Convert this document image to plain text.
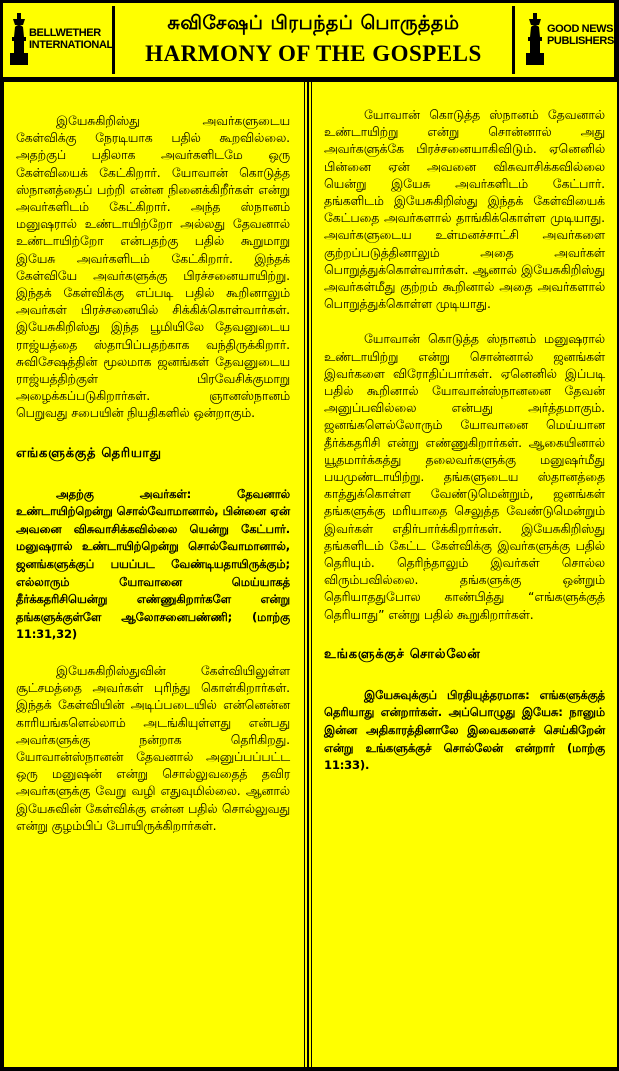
BELLWETHER
INTERNATIONAL
சுவிசேஷப் பிரபந்தப் பொருத்தம்
HARMONY OF THE GOSPELS
GOOD NEWS
PUBLISHERS

இயேசுகிறிஸ்து அவர்களுடைய கேள்விக்கு நேரடியாக பதில் கூறவில்லை. அதற்குப் பதிலாக அவர்களிடமே ஒரு கேள்வியைக் கேட்கிறார். யோவான் கொடுத்த ஸ்நானத்தைப் பற்றி என்ன நினைக்கிறீர்கள் என்று அவர்களிடம் கேட்கிறார். அந்த ஸ்நானம் மனுஷரால் உண்டாயிற்றோ அல்லது தேவனால் உண்டாயிற்றோ என்பதற்கு பதில் கூறுமாறு இயேசு அவர்களிடம் கேட்கிறார். இந்தக் கேள்வியே அவர்களுக்கு பிரச்சனையாயிற்று. இந்தக் கேள்விக்கு எப்படி பதில் கூறினாலும் அவர்கள் பிரச்சனையில் சிக்கிக்கொள்வார்கள். இயேசுகிறிஸ்து இந்த பூமியிலே தேவனுடைய ராஜ்யத்தை ஸ்தாபிப்பதற்காக வந்திருக்கிறார். சுவிசேஷத்தின் மூலமாக ஜனங்கள் தேவனுடைய ராஜ்யத்திற்குள் பிரவேசிக்குமாறு அழைக்கப்படுகிறார்கள். ஞானஸ்நானம் பெறுவது சபையின் நியதிகளில் ஒன்றாகும்.

எங்களுக்குத் தெரியாது

அதற்கு அவர்கள்: தேவனால் உண்டாயிற்றென்று சொல்வோமானால், பின்னை ஏன் அவனை விசுவாசிக்கவில்லை யென்று கேட்பார். மனுஷரால் உண்டாயிற்றென்று சொல்வோமானால், ஜனங்களுக்குப் பயப்பட வேண்டியதாயிருக்கும்; எல்லாரும் யோவானை மெய்யாகத் தீர்க்கதரிசியென்று எண்ணுகிறார்களே என்று தங்களுக்குள்ளே ஆலோசனைபண்ணி; (மாற்கு 11:31,32)

இயேசுகிறிஸ்துவின் கேள்வியிலுள்ள சூட்சமத்தை அவர்கள் புரிந்து கொள்கிறார்கள். இந்தக் கேள்வியின் அடிப்படையில் என்னென்ன காரியங்களெல்லாம் அடங்கியுள்ளது என்பது அவர்களுக்கு நன்றாக தெரிகிறது. யோவான்ஸ்நானன் தேவனால் அனுப்பப்பட்ட ஒரு மனுஷன் என்று சொல்லுவதைத் தவிர அவர்களுக்கு வேறு வழி எதுவுமில்லை. ஆனால் இயேசுவின் கேள்விக்கு என்ன பதில் சொல்லுவது என்று குழம்பிப் போயிருக்கிறார்கள்.

யோவான் கொடுத்த ஸ்நானம் தேவனால் உண்டாயிற்று என்று சொன்னால் அது அவர்களுக்கே பிரச்சனையாகிவிடும். ஏனெனில் பின்னை ஏன் அவனை விசுவாசிக்கவில்லை யென்று இயேசு அவர்களிடம் கேட்பார். தங்களிடம் இயேசுகிறிஸ்து இந்தக் கேள்வியைக் கேட்பதை அவர்களால் தாங்கிக்கொள்ள முடியாது. அவர்களுடைய உள்மனச்சாட்சி அவர்களை குற்றப்படுத்தினாலும் அதை அவர்கள் பொறுத்துக்கொள்வார்கள். ஆனால் இயேசுகிறிஸ்து அவர்கள்மீது குற்றம் கூறினால் அதை அவர்களால் பொறுத்துக்கொள்ள முடியாது.

யோவான் கொடுத்த ஸ்நானம் மனுஷரால் உண்டாயிற்று என்று சொன்னால் ஜனங்கள் இவர்களை விரோதிப்பார்கள். ஏனெனில் இப்படி பதில் கூறினால் யோவான்ஸ்நானனை தேவன் அனுப்பவில்லை என்பது அர்த்தமாகும். ஜனங்களெல்லோரும் யோவானை மெய்யான தீர்க்கதரிசி என்று எண்ணுகிறார்கள். ஆகையினால் யூதமார்க்கத்து தலைவர்களுக்கு மனுஷர்மீது பயமுண்டாயிற்று. தங்களுடைய ஸ்தானத்தை காத்துக்கொள்ள வேண்டுமென்றும், ஜனங்கள் தங்களுக்கு மரியாதை செலுத்த வேண்டுமென்றும் இவர்கள் எதிர்பார்க்கிறார்கள். இயேசுகிறிஸ்து தங்களிடம் கேட்ட கேள்விக்கு இவர்களுக்கு பதில் தெரியும். தெரிந்தாலும் இவர்கள் சொல்ல விரும்பவில்லை. தங்களுக்கு ஒன்றும் தெரியாததுபோல காண்பித்து “எங்களுக்குத் தெரியாது” என்று பதில் கூறுகிறார்கள்.

உங்களுக்குச் சொல்லேன்

இயேசுவுக்குப் பிரதியுத்தரமாக: எங்களுக்குத் தெரியாது என்றார்கள். அப்பொழுது இயேசு: நானும் இன்ன அதிகாரத்தினாலே இவைகளைச் செய்கிறேன் என்று உங்களுக்குச் சொல்லேன் என்றார் (மாற்கு 11:33).
